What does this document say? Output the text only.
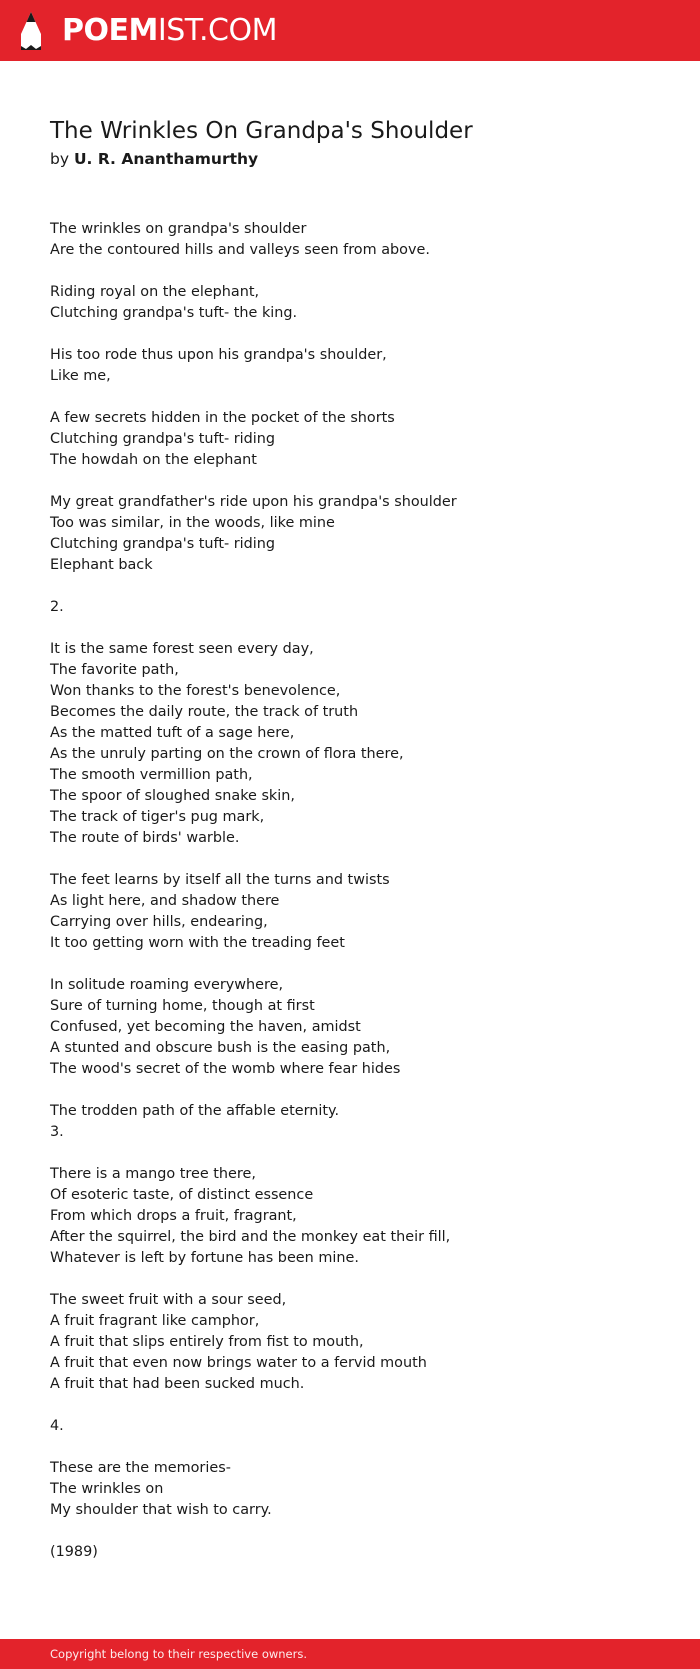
POEMIST.COM
The Wrinkles On Grandpa's Shoulder
by U. R. Ananthamurthy
The wrinkles on grandpa's shoulder
Are the contoured hills and valleys seen from above.

Riding royal on the elephant,
Clutching grandpa's tuft- the king.

His too rode thus upon his grandpa's shoulder,
Like me,

A few secrets hidden in the pocket of the shorts
Clutching grandpa's tuft- riding
The howdah on the elephant

My great grandfather's ride upon his grandpa's shoulder
Too was similar, in the woods, like mine
Clutching grandpa's tuft- riding
Elephant back

2.

It is the same forest seen every day,
The favorite path,
Won thanks to the forest's benevolence,
Becomes the daily route, the track of truth
As the matted tuft of a sage here,
As the unruly parting on the crown of flora there,
The smooth vermillion path,
The spoor of sloughed snake skin,
The track of tiger's pug mark,
The route of birds' warble.

The feet learns by itself all the turns and twists
As light here, and shadow there
Carrying over hills, endearing,
It too getting worn with the treading feet

In solitude roaming everywhere,
Sure of turning home, though at first
Confused, yet becoming the haven, amidst
A stunted and obscure bush is the easing path,
The wood's secret of the womb where fear hides

The trodden path of the affable eternity.
3.

There is a mango tree there,
Of esoteric taste, of distinct essence
From which drops a fruit, fragrant,
After the squirrel, the bird and the monkey eat their fill,
Whatever is left by fortune has been mine.

The sweet fruit with a sour seed,
A fruit fragrant like camphor,
A fruit that slips entirely from fist to mouth,
A fruit that even now brings water to a fervid mouth
A fruit that had been sucked much.

4.

These are the memories-
The wrinkles on
My shoulder that wish to carry.

(1989)
Copyright belong to their respective owners.
